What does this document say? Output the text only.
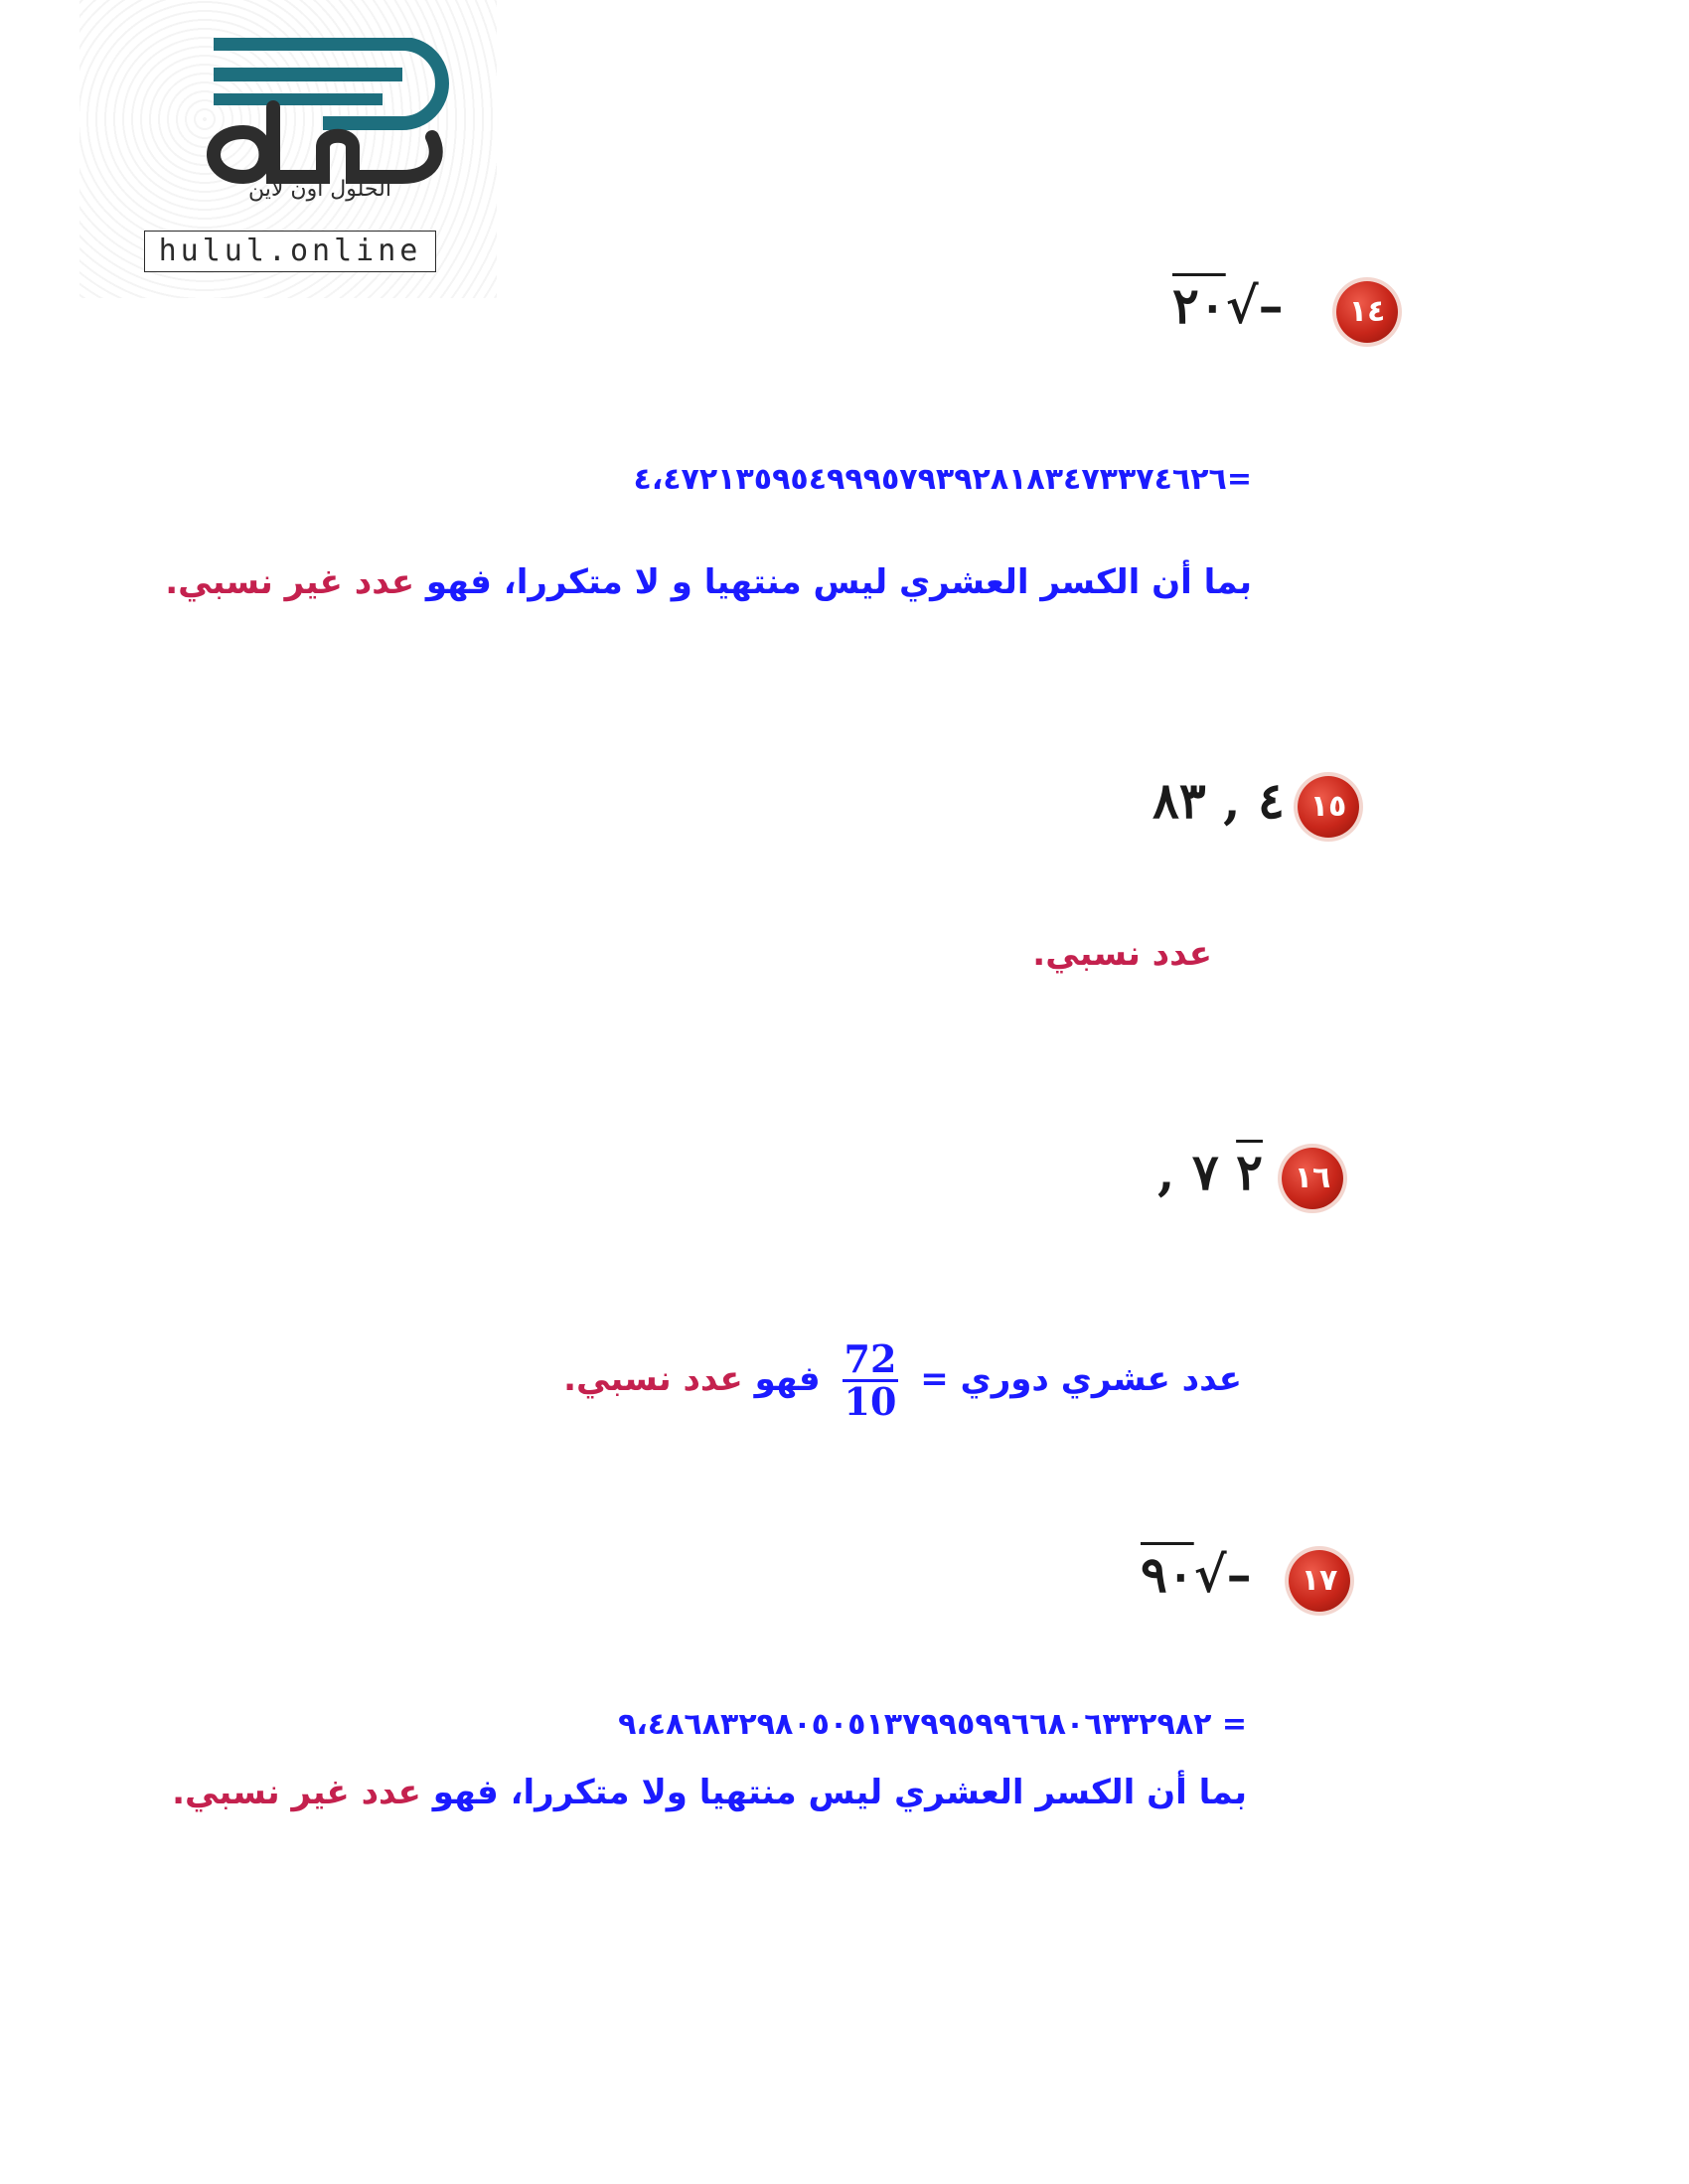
الحلول اون لاين
hulul.online
١٤
–√٢٠
=٤،٤٧٢١٣٥٩٥٤٩٩٩٥٧٩٣٩٢٨١٨٣٤٧٣٣٧٤٦٢٦
بما أن الكسر العشري ليس منتهيا و لا متكررا، فهو عدد غير نسبي.
١٥
٤ , ٨٣
عدد نسبي.
١٦
٢ ٧ ,
عدد عشري دوري =
$\frac{72}{10}$
فهو عدد نسبي.
١٧
–√٩٠
= ٩،٤٨٦٨٣٢٩٨٠٥٠٥١٣٧٩٩٥٩٩٦٦٨٠٦٣٣٢٩٨٢
بما أن الكسر العشري ليس منتهيا ولا متكررا، فهو عدد غير نسبي.
